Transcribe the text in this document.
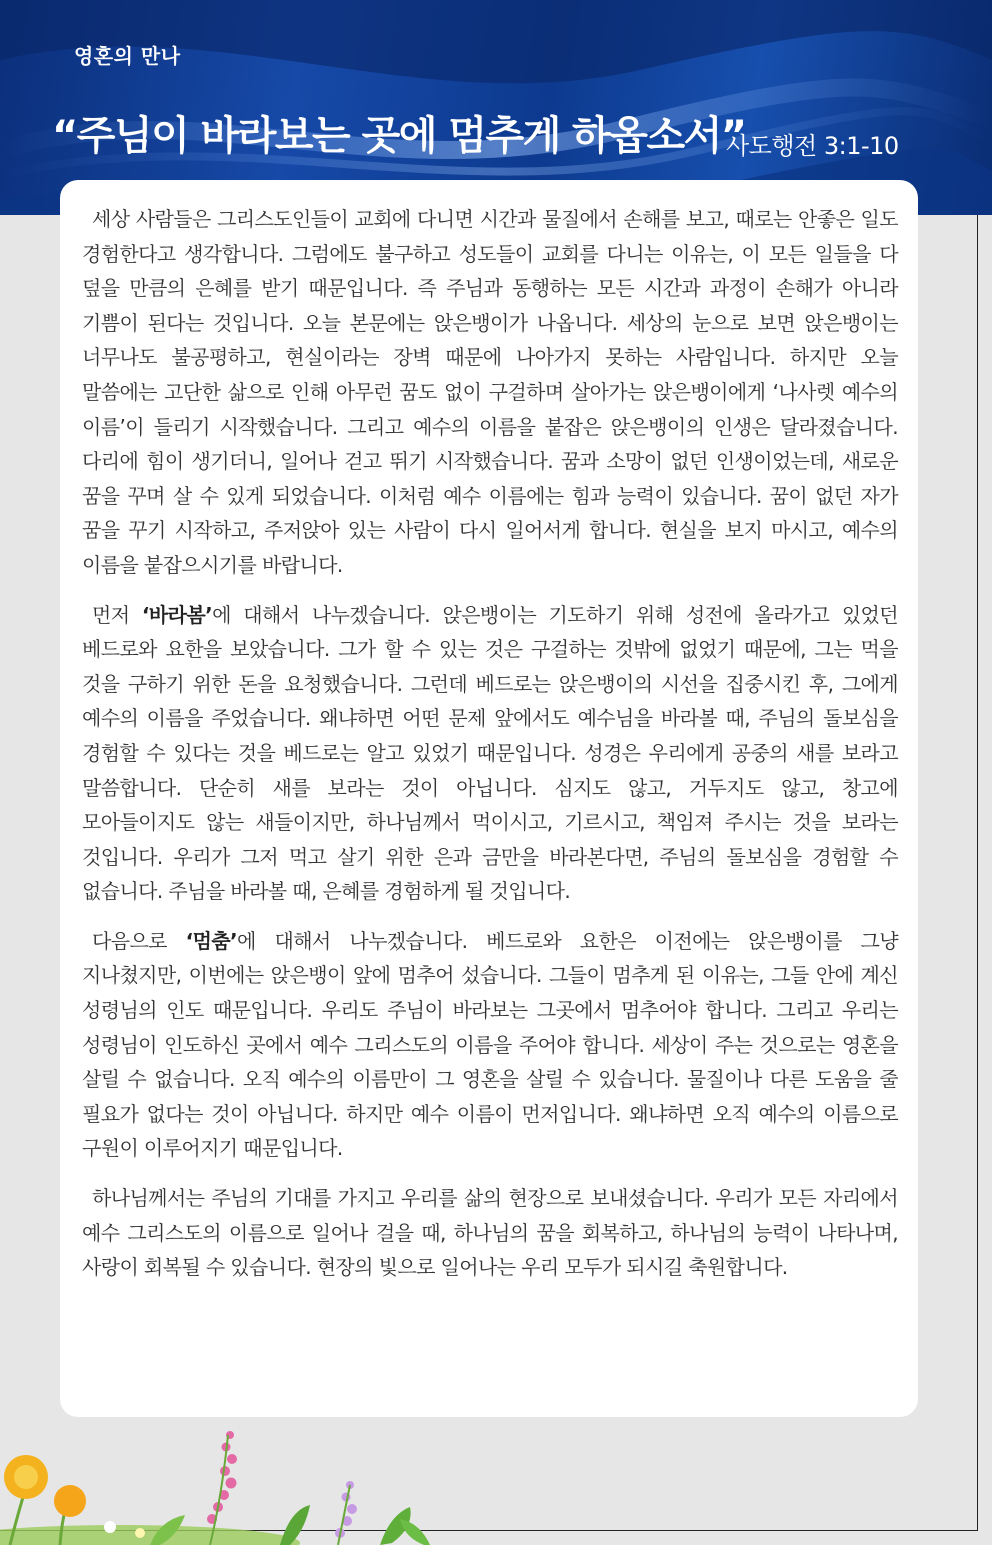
영혼의 만나
“주님이 바라보는 곳에 멈추게 하옵소서”
사도행전 3:1-10

세상 사람들은 그리스도인들이 교회에 다니면 시간과 물질에서 손해를 보고, 때로는 안좋은 일도 경험한다고 생각합니다. 그럼에도 불구하고 성도들이 교회를 다니는 이유는, 이 모든 일들을 다 덮을 만큼의 은혜를 받기 때문입니다. 즉 주님과 동행하는 모든 시간과 과정이 손해가 아니라 기쁨이 된다는 것입니다. 오늘 본문에는 앉은뱅이가 나옵니다. 세상의 눈으로 보면 앉은뱅이는 너무나도 불공평하고, 현실이라는 장벽 때문에 나아가지 못하는 사람입니다. 하지만 오늘 말씀에는 고단한 삶으로 인해 아무런 꿈도 없이 구걸하며 살아가는 앉은뱅이에게 ‘나사렛 예수의 이름’이 들리기 시작했습니다. 그리고 예수의 이름을 붙잡은 앉은뱅이의 인생은 달라졌습니다. 다리에 힘이 생기더니, 일어나 걷고 뛰기 시작했습니다. 꿈과 소망이 없던 인생이었는데, 새로운 꿈을 꾸며 살 수 있게 되었습니다. 이처럼 예수 이름에는 힘과 능력이 있습니다. 꿈이 없던 자가 꿈을 꾸기 시작하고, 주저앉아 있는 사람이 다시 일어서게 합니다. 현실을 보지 마시고, 예수의 이름을 붙잡으시기를 바랍니다.

먼저 ‘바라봄’에 대해서 나누겠습니다. 앉은뱅이는 기도하기 위해 성전에 올라가고 있었던 베드로와 요한을 보았습니다. 그가 할 수 있는 것은 구걸하는 것밖에 없었기 때문에, 그는 먹을 것을 구하기 위한 돈을 요청했습니다. 그런데 베드로는 앉은뱅이의 시선을 집중시킨 후, 그에게 예수의 이름을 주었습니다. 왜냐하면 어떤 문제 앞에서도 예수님을 바라볼 때, 주님의 돌보심을 경험할 수 있다는 것을 베드로는 알고 있었기 때문입니다. 성경은 우리에게 공중의 새를 보라고 말씀합니다. 단순히 새를 보라는 것이 아닙니다. 심지도 않고, 거두지도 않고, 창고에 모아들이지도 않는 새들이지만, 하나님께서 먹이시고, 기르시고, 책임져 주시는 것을 보라는 것입니다. 우리가 그저 먹고 살기 위한 은과 금만을 바라본다면, 주님의 돌보심을 경험할 수 없습니다. 주님을 바라볼 때, 은혜를 경험하게 될 것입니다.

다음으로 ‘멈춤’에 대해서 나누겠습니다. 베드로와 요한은 이전에는 앉은뱅이를 그냥 지나쳤지만, 이번에는 앉은뱅이 앞에 멈추어 섰습니다. 그들이 멈추게 된 이유는, 그들 안에 계신 성령님의 인도 때문입니다. 우리도 주님이 바라보는 그곳에서 멈추어야 합니다. 그리고 우리는 성령님이 인도하신 곳에서 예수 그리스도의 이름을 주어야 합니다. 세상이 주는 것으로는 영혼을 살릴 수 없습니다. 오직 예수의 이름만이 그 영혼을 살릴 수 있습니다. 물질이나 다른 도움을 줄 필요가 없다는 것이 아닙니다. 하지만 예수 이름이 먼저입니다. 왜냐하면 오직 예수의 이름으로 구원이 이루어지기 때문입니다.

하나님께서는 주님의 기대를 가지고 우리를 삶의 현장으로 보내셨습니다. 우리가 모든 자리에서 예수 그리스도의 이름으로 일어나 걸을 때, 하나님의 꿈을 회복하고, 하나님의 능력이 나타나며, 사랑이 회복될 수 있습니다. 현장의 빛으로 일어나는 우리 모두가 되시길 축원합니다.
